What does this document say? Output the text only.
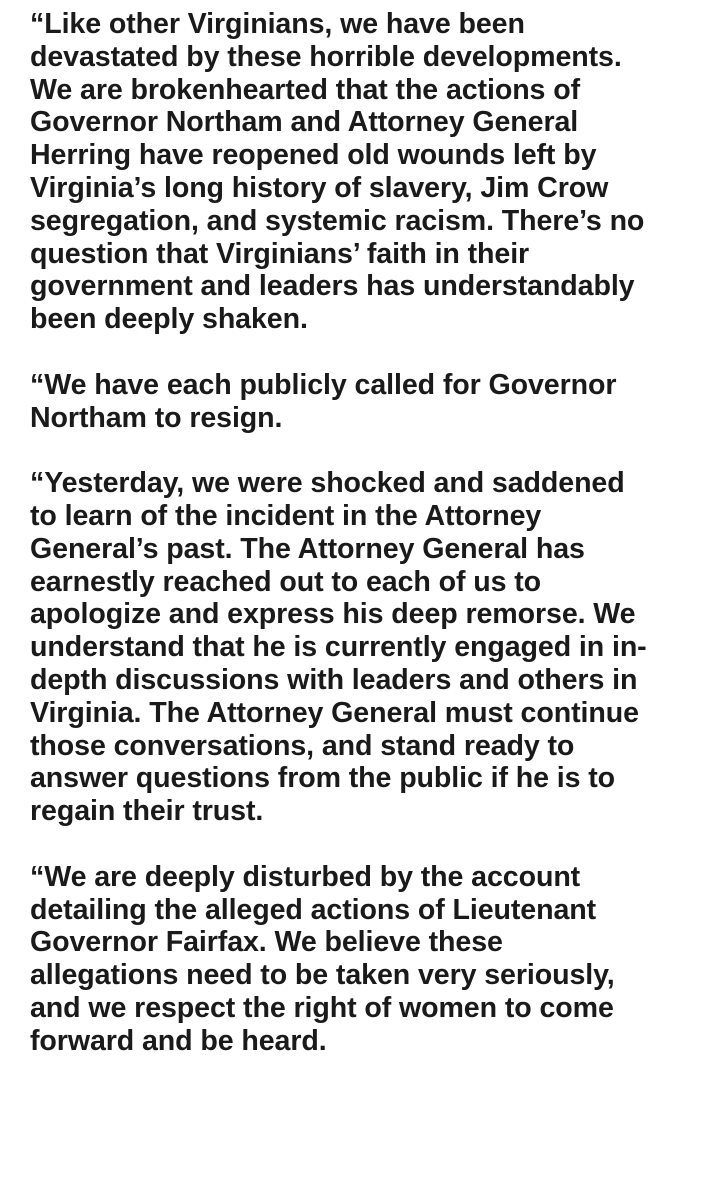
“Like other Virginians, we have been
devastated by these horrible developments.
We are brokenhearted that the actions of
Governor Northam and Attorney General
Herring have reopened old wounds left by
Virginia’s long history of slavery, Jim Crow
segregation, and systemic racism. There’s no
question that Virginians’ faith in their
government and leaders has understandably
been deeply shaken.
“We have each publicly called for Governor
Northam to resign.
“Yesterday, we were shocked and saddened
to learn of the incident in the Attorney
General’s past. The Attorney General has
earnestly reached out to each of us to
apologize and express his deep remorse. We
understand that he is currently engaged in in-
depth discussions with leaders and others in
Virginia. The Attorney General must continue
those conversations, and stand ready to
answer questions from the public if he is to
regain their trust.
“We are deeply disturbed by the account
detailing the alleged actions of Lieutenant
Governor Fairfax. We believe these
allegations need to be taken very seriously,
and we respect the right of women to come
forward and be heard.
